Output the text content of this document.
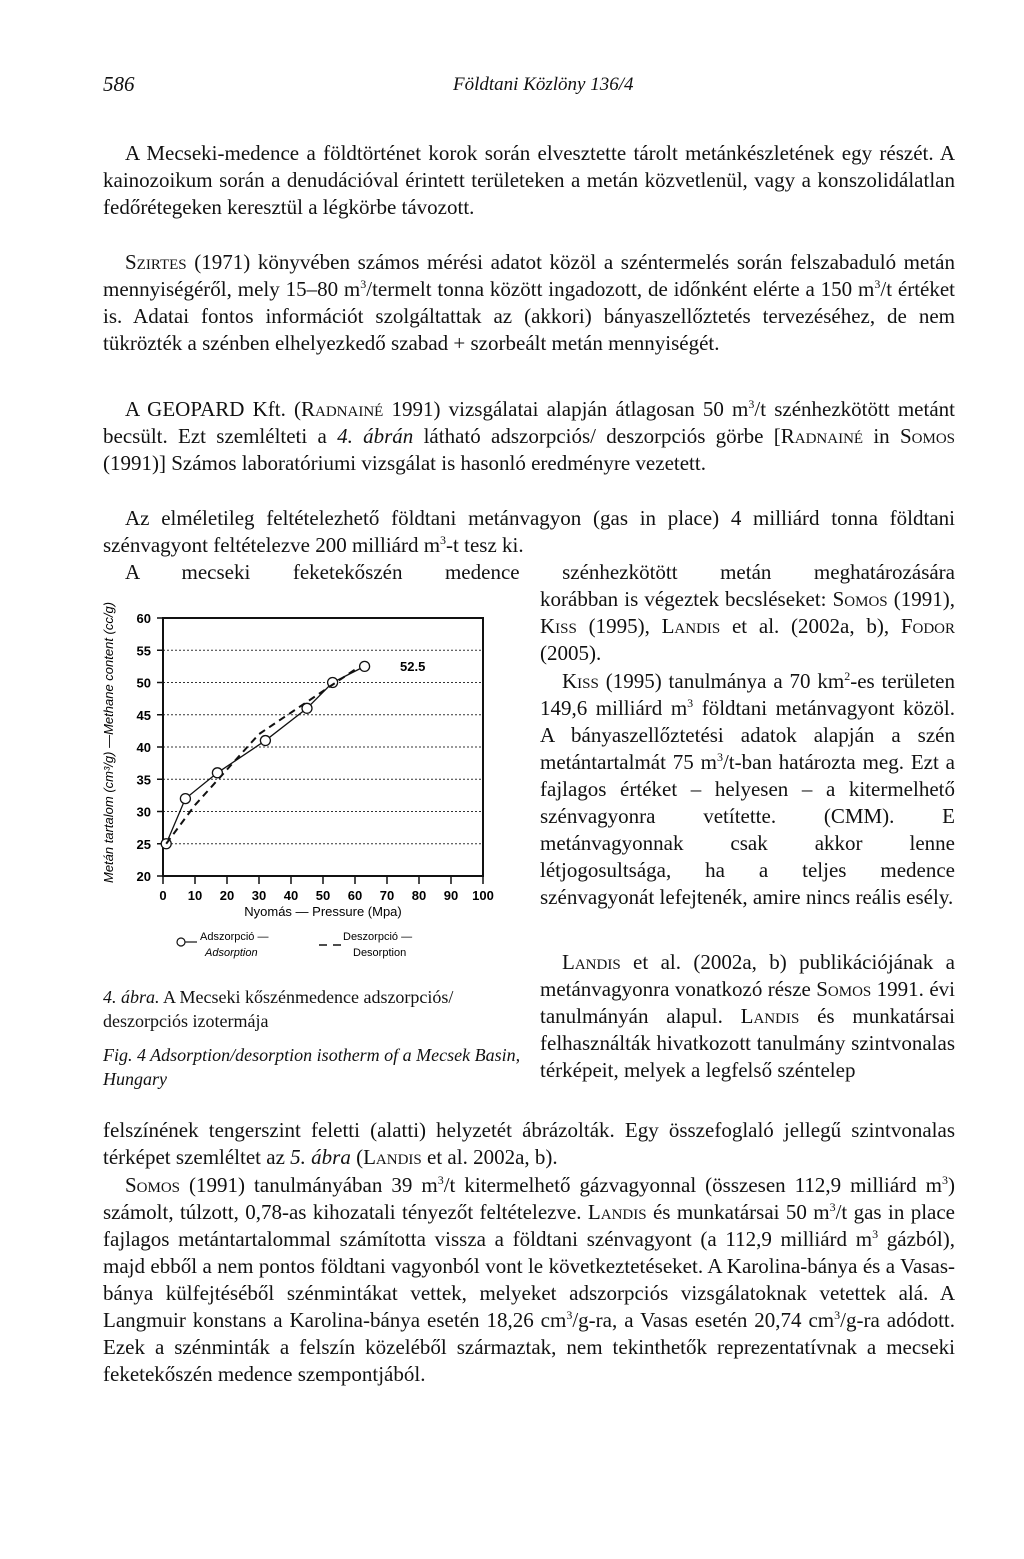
586	Földtani Közlöny 136/4

A Mecseki-medence a földtörténet korok során elvesztette tárolt metánkészletének egy részét. A kainozoikum során a denudációval érintett területeken a metán közvetlenül, vagy a konszolidálatlan fedőrétegeken keresztül a légkörbe távozott.

Szirtes (1971) könyvében számos mérési adatot közöl a széntermelés során felszabaduló metán mennyiségéről, mely 15–80 $m^3$/termelt tonna között ingadozott, de időnként elérte a 150 $m^3/t$ értéket is. Adatai fontos információt szolgáltattak az (akkori) bányaszellőztetés tervezéséhez, de nem tükrözték a szénben elhelyezkedő szabad + szorbeált metán mennyiségét.

A GEOPARD Kft. (Radnainé 1991) vizsgálatai alapján átlagosan 50 $m^3/t$ szénhezkötött metánt becsült. Ezt szemlélteti a 4. ábrán látható adszorpciós/ deszorpciós görbe [Radnainé in Somos (1991)] Számos laboratóriumi vizsgálat is hasonló eredményre vezetett.

Az elméletileg feltételezhető földtani metánvagyon (gas in place) 4 milliárd tonna földtani szénvagyont feltételezve 200 milliárd $m^3-t$ tesz ki.

A mecseki feketekőszén medence szénhezkötött metán meghatározására

korábban is végeztek becsléseket: Somos (1991), Kiss (1995), Landis et al. (2002a, b), Fodor (2005).

Kiss (1995) tanulmánya a 70 $km^2-es$ területen 149,6 milliárd $m^3$ földtani metánvagyont közöl. A bányaszellőztetési adatok alapján a szén metántartalmát 75 $m^3/t$-ban határozta meg. Ezt a fajlagos értéket – helyesen – a kitermelhető szénvagyonra vetítette. (CMM). E metánvagyonnak csak akkor lenne létjogosultsága, ha a teljes medence szénvagyonát lefejtenék, amire nincs reális esély.

Landis et al. (2002a, b) publikációjának a metánvagyonra vonatkozó része Somos 1991. évi tanulmányán alapul. Landis és munkatársai felhasználták hivatkozott tanulmány szintvonalas térképeit, melyek a legfelső széntelep

felszínének tengerszint feletti (alatti) helyzetét ábrázolták. Egy összefoglaló jellegű szintvonalas térképet szemléltet az 5. ábra (Landis et al. 2002a, b).

Somos (1991) tanulmányában 39 $m^3/t$ kitermelhető gázvagyonnal (összesen 112,9 milliárd $m^3$) számolt, túlzott, 0,78-as kihozatali tényezőt feltételezve. Landis és munkatársai 50 $m^3/t$ gas in place fajlagos metántartalommal számította vissza a földtani szénvagyont (a 112,9 milliárd $m^3$ gázból), majd ebből a nem pontos földtani vagyonból vont le következtetéseket. A Karolina-bánya és a Vasas-bánya külfejtéséből szénmintákat vettek, melyeket adszorpciós vizsgálatoknak vetettek alá. A Langmuir konstans a Karolina-bánya esetén 18,26 $cm^3/g-ra$, a Vasas esetén 20,74 $cm^3/g-ra$ adódott. Ezek a szénminták a felszín közeléből származtak, nem tekinthetők reprezentatívnak a mecseki feketekőszén medence szempontjából.

Metán tartalom (cm³/g) —Methane content (cc/g) 20
25
30
35
40
45
50
55
60
0 10 20 30 40 50 60 70 80 90 100
52.5
Nyomás — Pressure (Mpa)
Adszorpció —
Adsorption
Deszorpció —
Desorption

4. ábra. A Mecseki kőszénmedence adszorpciós/ deszorpciós izotermája

Fig. 4 Adsorption/desorption isotherm of a Mecsek Basin, Hungary
